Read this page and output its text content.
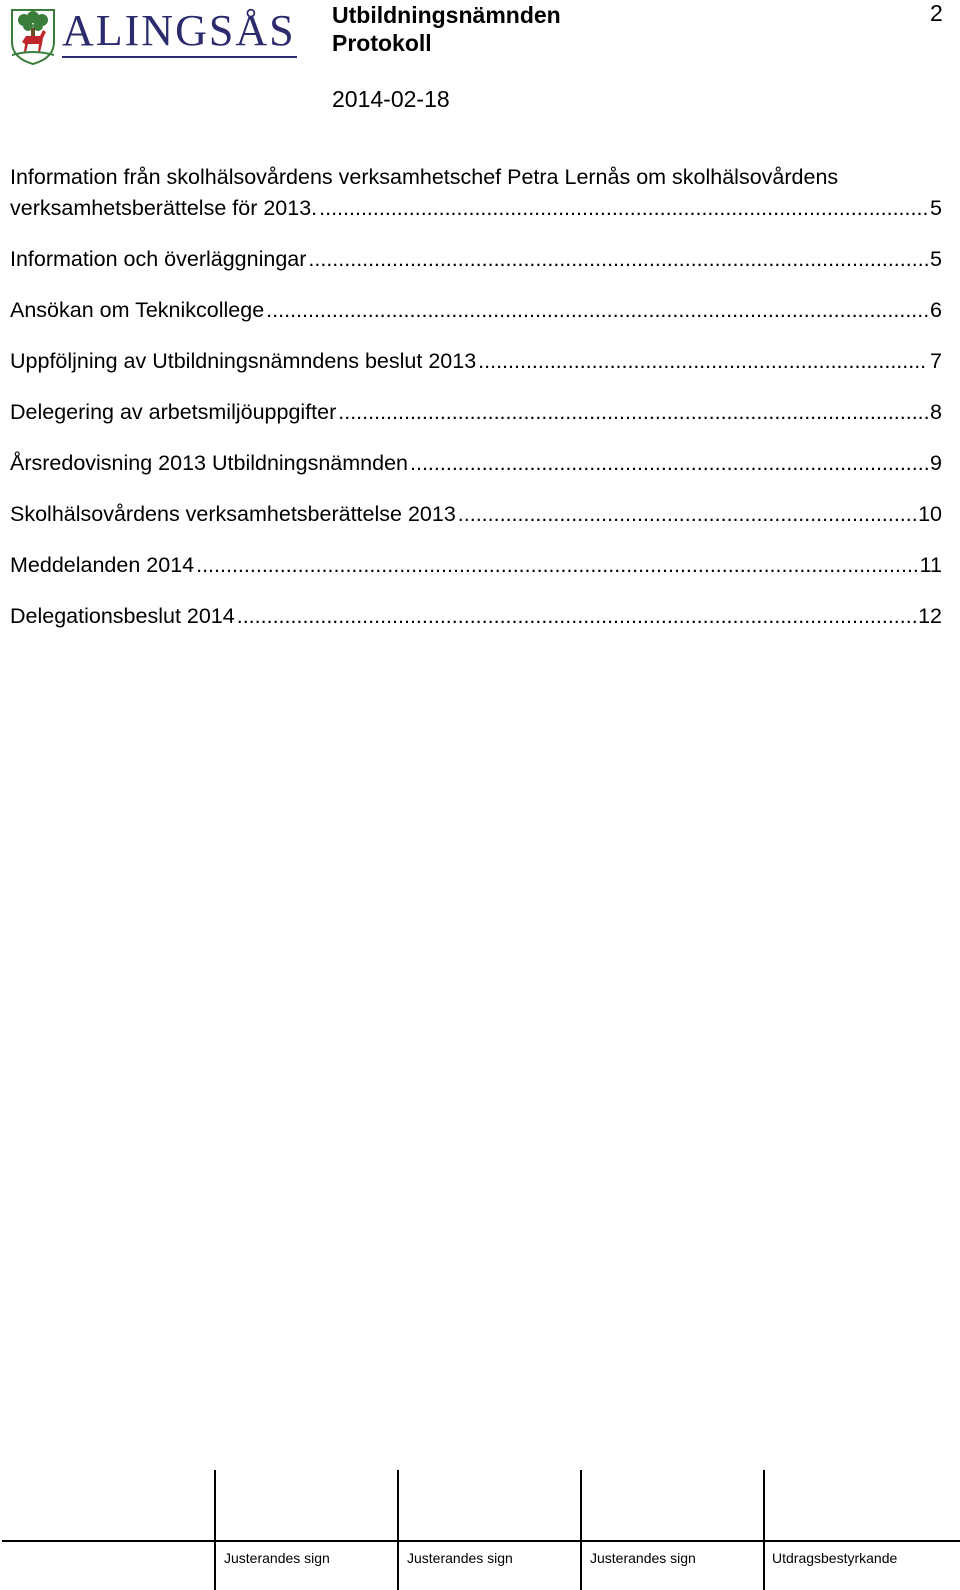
ALINGSÅS Utbildningsnämnden
Protokoll
2
2014-02-18
Information från skolhälsovårdens verksamhetschef Petra Lernås om skolhälsovårdens
verksamhetsberättelse för 2013. .....	5
Information och överläggningar .....	5
Ansökan om Teknikcollege .....	6
Uppföljning av Utbildningsnämndens beslut 2013 .....	7
Delegering av arbetsmiljöuppgifter .....	8
Årsredovisning 2013 Utbildningsnämnden .....	9
Skolhälsovårdens verksamhetsberättelse 2013 .....	10
Meddelanden 2014 .....	11
Delegationsbeslut 2014 .....	12
Justerandes sign	Justerandes sign	Justerandes sign	Utdragsbestyrkande
